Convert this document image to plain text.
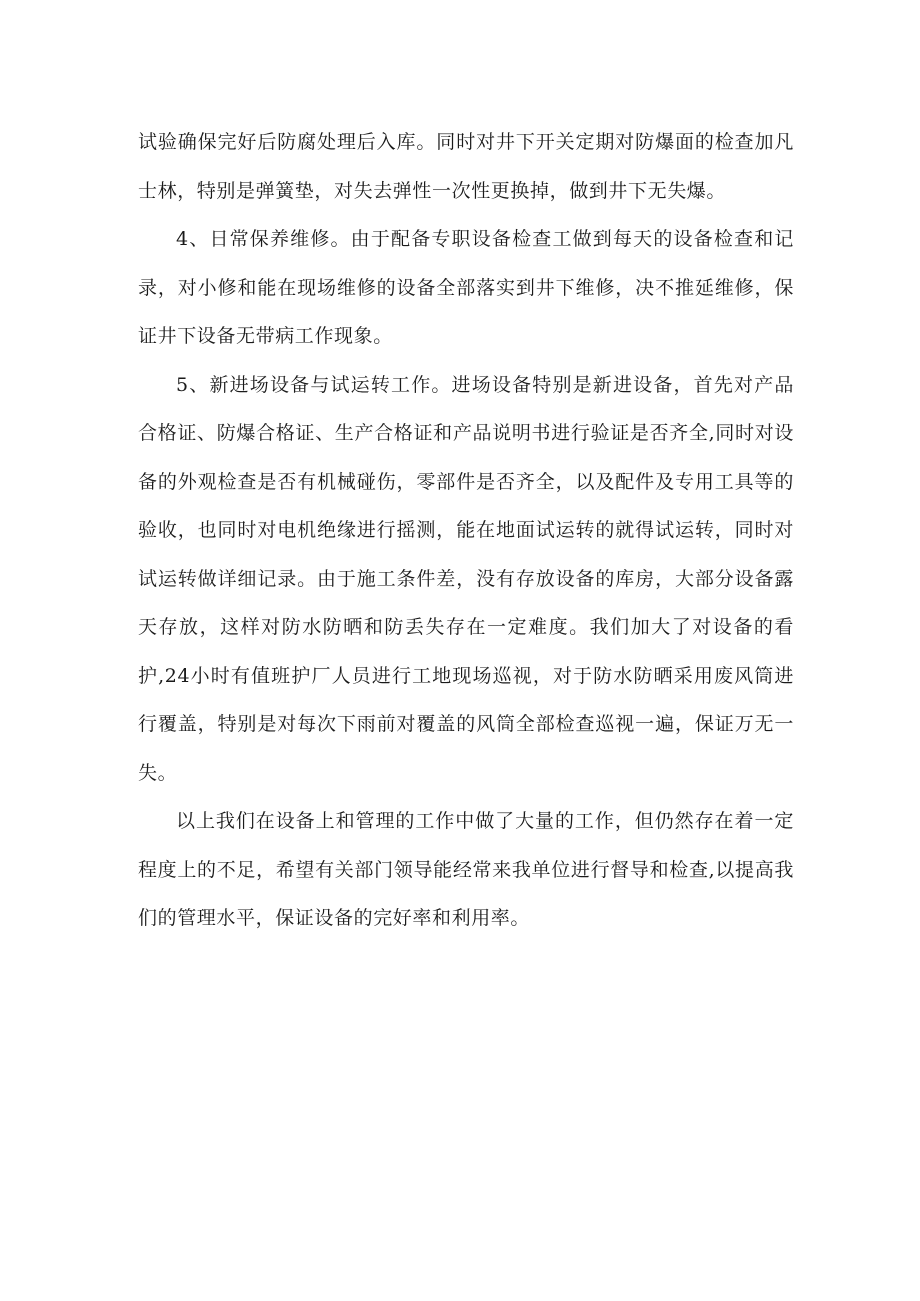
试验确保完好后防腐处理后入库。同时对井下开关定期对防爆面的检查加凡士林，特别是弹簧垫，对失去弹性一次性更换掉，做到井下无失爆。

4、日常保养维修。由于配备专职设备检查工做到每天的设备检查和记录，对小修和能在现场维修的设备全部落实到井下维修，决不推延维修，保证井下设备无带病工作现象。

5、新进场设备与试运转工作。进场设备特别是新进设备，首先对产品合格证、防爆合格证、生产合格证和产品说明书进行验证是否齐全,同时对设备的外观检查是否有机械碰伤，零部件是否齐全，以及配件及专用工具等的验收，也同时对电机绝缘进行摇测，能在地面试运转的就得试运转，同时对试运转做详细记录。由于施工条件差，没有存放设备的库房，大部分设备露天存放，这样对防水防晒和防丢失存在一定难度。我们加大了对设备的看护,24小时有值班护厂人员进行工地现场巡视，对于防水防晒采用废风筒进行覆盖，特别是对每次下雨前对覆盖的风筒全部检查巡视一遍，保证万无一失。

以上我们在设备上和管理的工作中做了大量的工作，但仍然存在着一定程度上的不足，希望有关部门领导能经常来我单位进行督导和检查,以提高我们的管理水平，保证设备的完好率和利用率。
